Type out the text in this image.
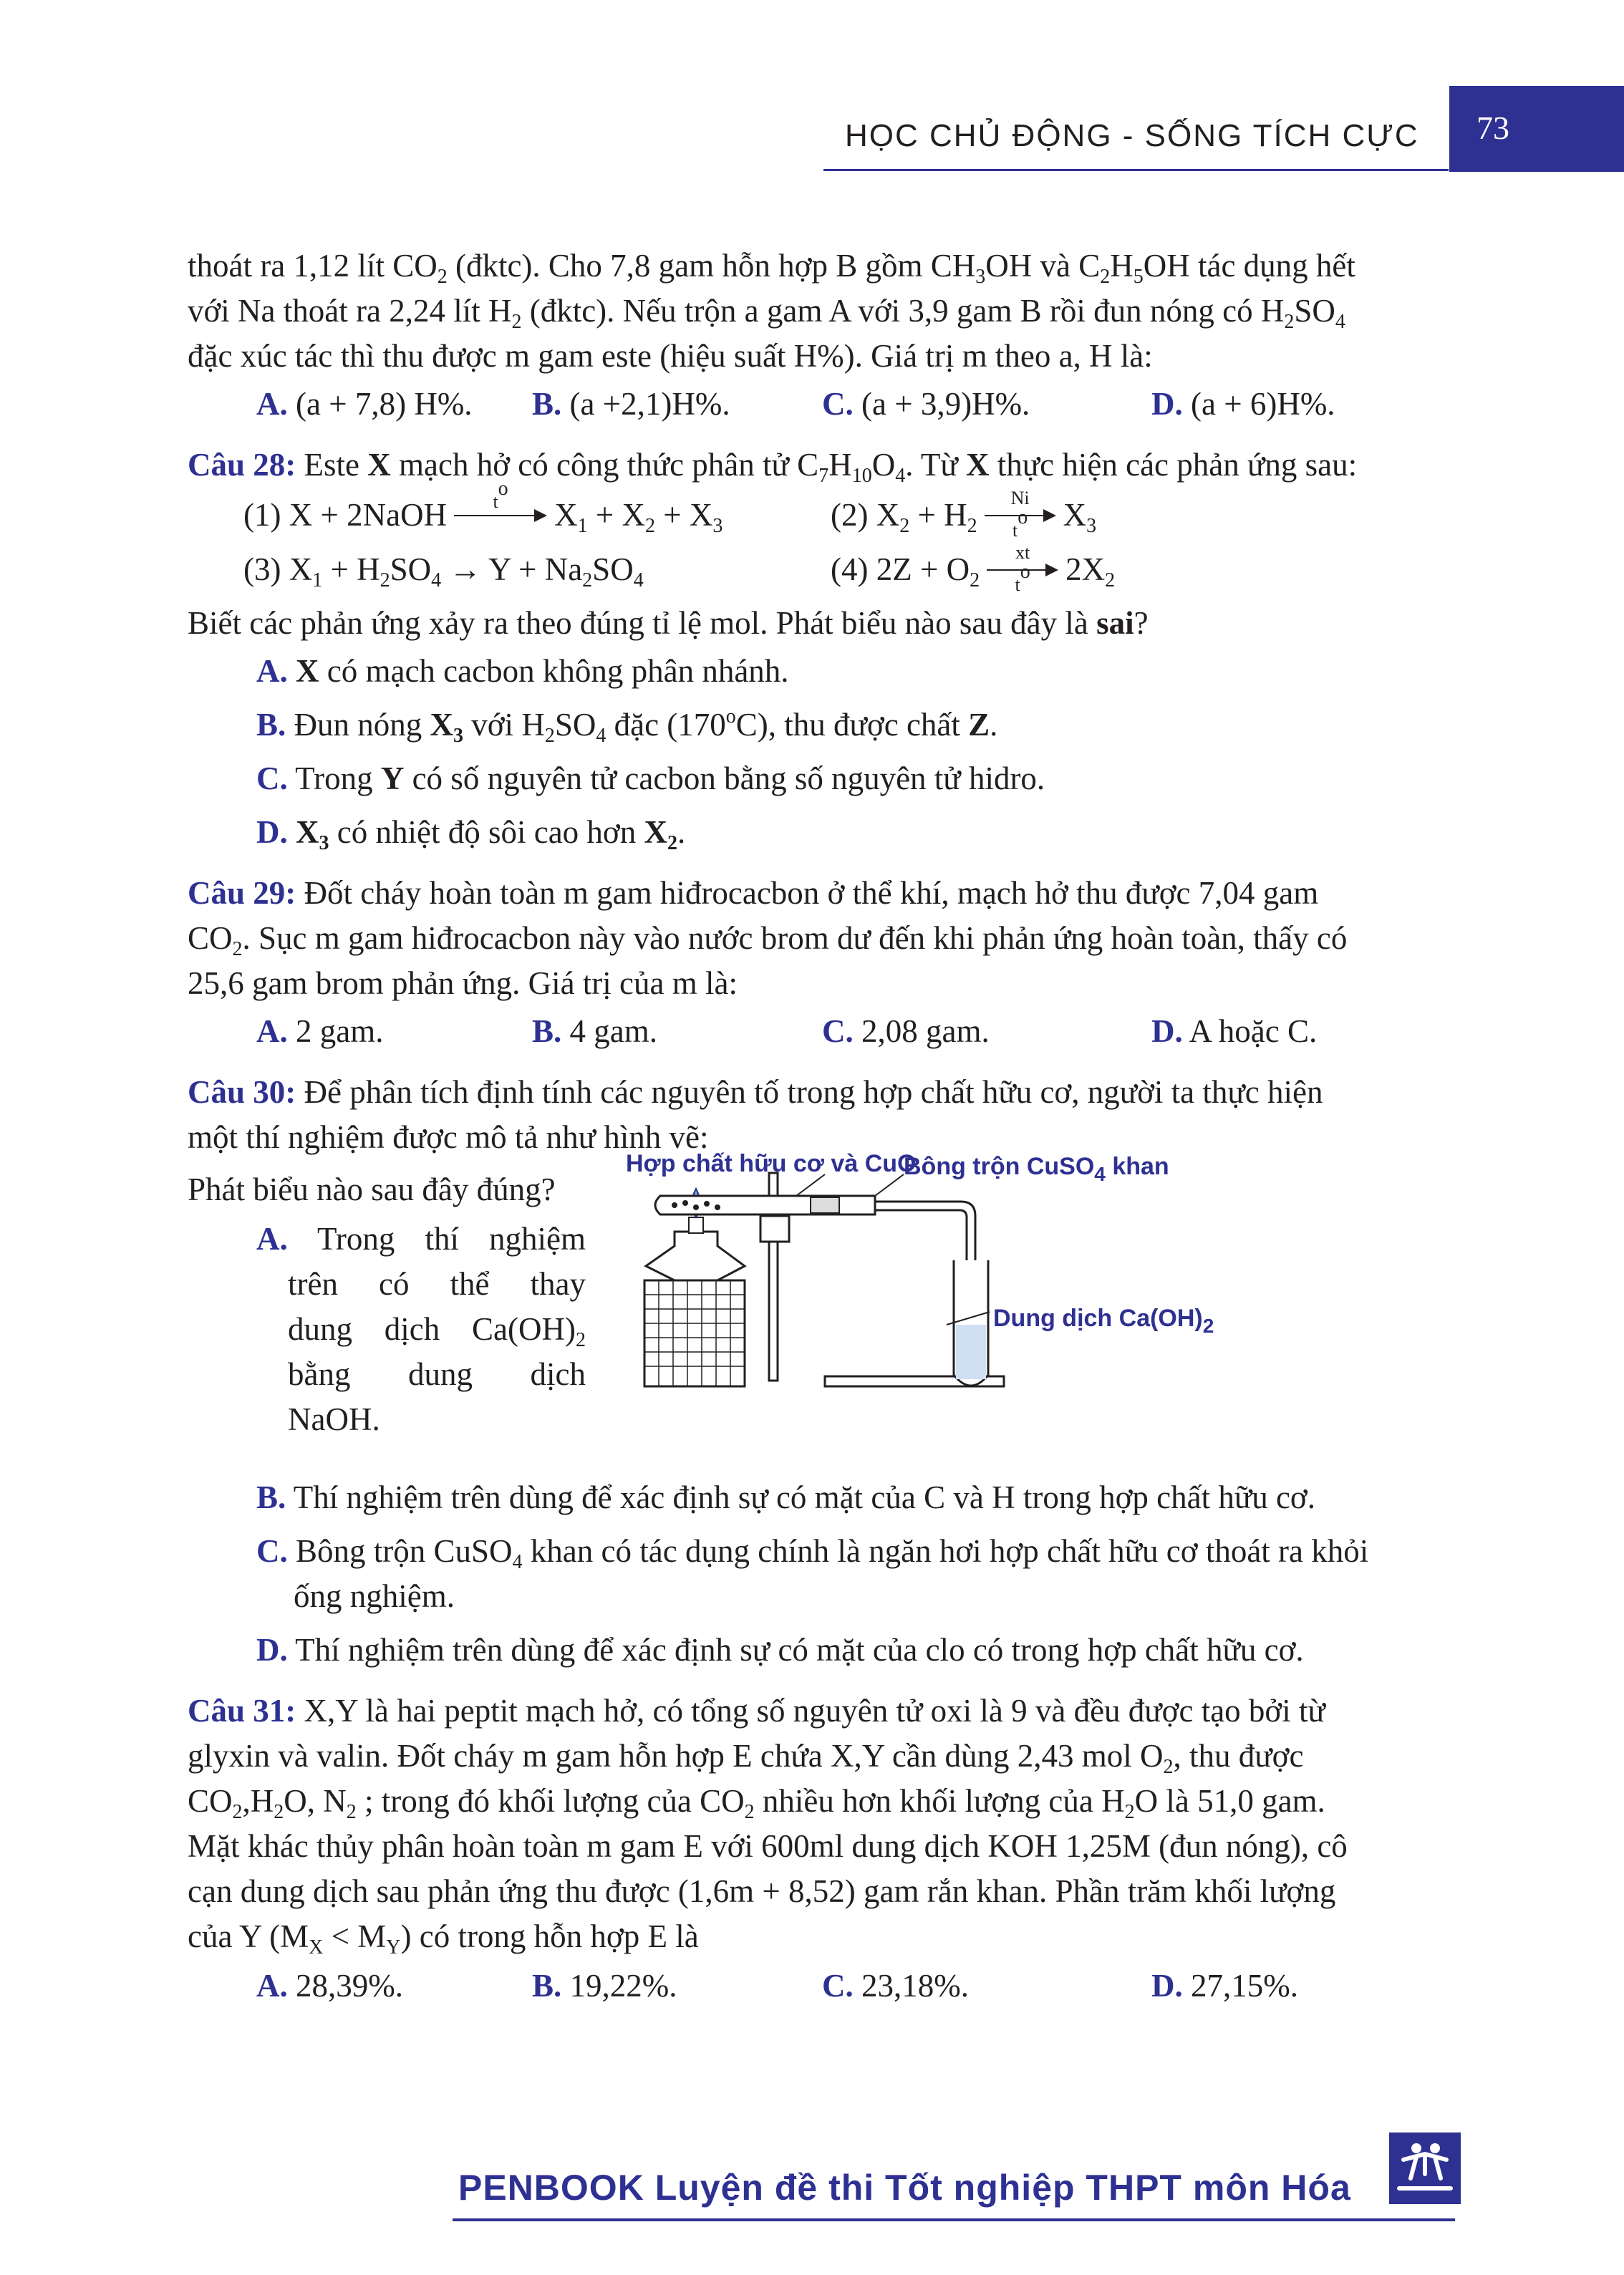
HỌC CHỦ ĐỘNG - SỐNG TÍCH CỰC 73

thoát ra 1,12 lít $CO_2$ (đktc). Cho 7,8 gam hỗn hợp B gồm $CH_3OH$ và $C_2H_5OH$ tác dụng hết

với Na thoát ra 2,24 lít $H_2$ (đktc). Nếu trộn a gam A với 3,9 gam B rồi đun nóng có $H_2SO_4$

đặc xúc tác thì thu được m gam este (hiệu suất H%). Giá trị m theo a, H là:

A. (a + 7,8) H%.	B. (a +2,1)H%.	C. (a + 3,9)H%.	D. (a + 6)H%.

Câu 28: Este X mạch hở có công thức phân tử $C_7H_{10}O_4$. Từ X thực hiện các phản ứng sau:

(1) X + 2NaOH	$t^o$
$X_1 + X_2 + X_3$	(2) $X_2 + H_2$
Ni
$t^o$	$X_3$
(3) $X_1 + H_2SO_4 \to Y + Na_2SO_4$	(4) $2Z + O_2$
xt
$t^o$	$2X_2$

Biết các phản ứng xảy ra theo đúng tỉ lệ mol. Phát biểu nào sau đây là sai?

A. X có mạch cacbon không phân nhánh.

B. Đun nóng $X_3$ với $H_2SO_4$ đặc (170$^o$C), thu được chất Z.

C. Trong Y có số nguyên tử cacbon bằng số nguyên tử hidro.

D. $X_3$ có nhiệt độ sôi cao hơn $X_2$.

Câu 29: Đốt cháy hoàn toàn m gam hiđrocacbon ở thể khí, mạch hở thu được 7,04 gam

$CO_2$. Sục m gam hiđrocacbon này vào nước brom dư đến khi phản ứng hoàn toàn, thấy có

25,6 gam brom phản ứng. Giá trị của m là:

A. 2 gam.	B. 4 gam.	C. 2,08 gam.	D. A hoặc C.

Câu 30: Để phân tích định tính các nguyên tố trong hợp chất hữu cơ, người ta thực hiện

một thí nghiệm được mô tả như hình vẽ:

Phát biểu nào sau đây đúng?

A. Trong thí nghiệm

trên có thể thay

dung dịch $Ca(OH)_2$

bằng dung dịch

NaOH.

Hợp chất hữu cơ và CuO
Bông trộn CuSO$_4$ khan
Dung dịch $Ca(OH)_2$

B. Thí nghiệm trên dùng để xác định sự có mặt của C và H trong hợp chất hữu cơ.

C. Bông trộn CuSO$_4$ khan có tác dụng chính là ngăn hơi hợp chất hữu cơ thoát ra khỏi

ống nghiệm.

D. Thí nghiệm trên dùng để xác định sự có mặt của clo có trong hợp chất hữu cơ.

Câu 31: X,Y là hai peptit mạch hở, có tổng số nguyên tử oxi là 9 và đều được tạo bởi từ

glyxin và valin. Đốt cháy m gam hỗn hợp E chứa X,Y cần dùng 2,43 mol $O_2$, thu được

$CO_2,H_2O$, $N_2$ ; trong đó khối lượng của $CO_2$ nhiều hơn khối lượng của $H_2O$ là 51,0 gam.

Mặt khác thủy phân hoàn toàn m gam E với 600ml dung dịch KOH 1,25M (đun nóng), cô

cạn dung dịch sau phản ứng thu được (1,6m + 8,52) gam rắn khan. Phần trăm khối lượng

của Y $(M_X < M_Y)$ có trong hỗn hợp E là

A. 28,39%.	B. 19,22%.	C. 23,18%.	D. 27,15%.
PENBOOK Luyện đề thi Tốt nghiệp THPT môn Hóa
